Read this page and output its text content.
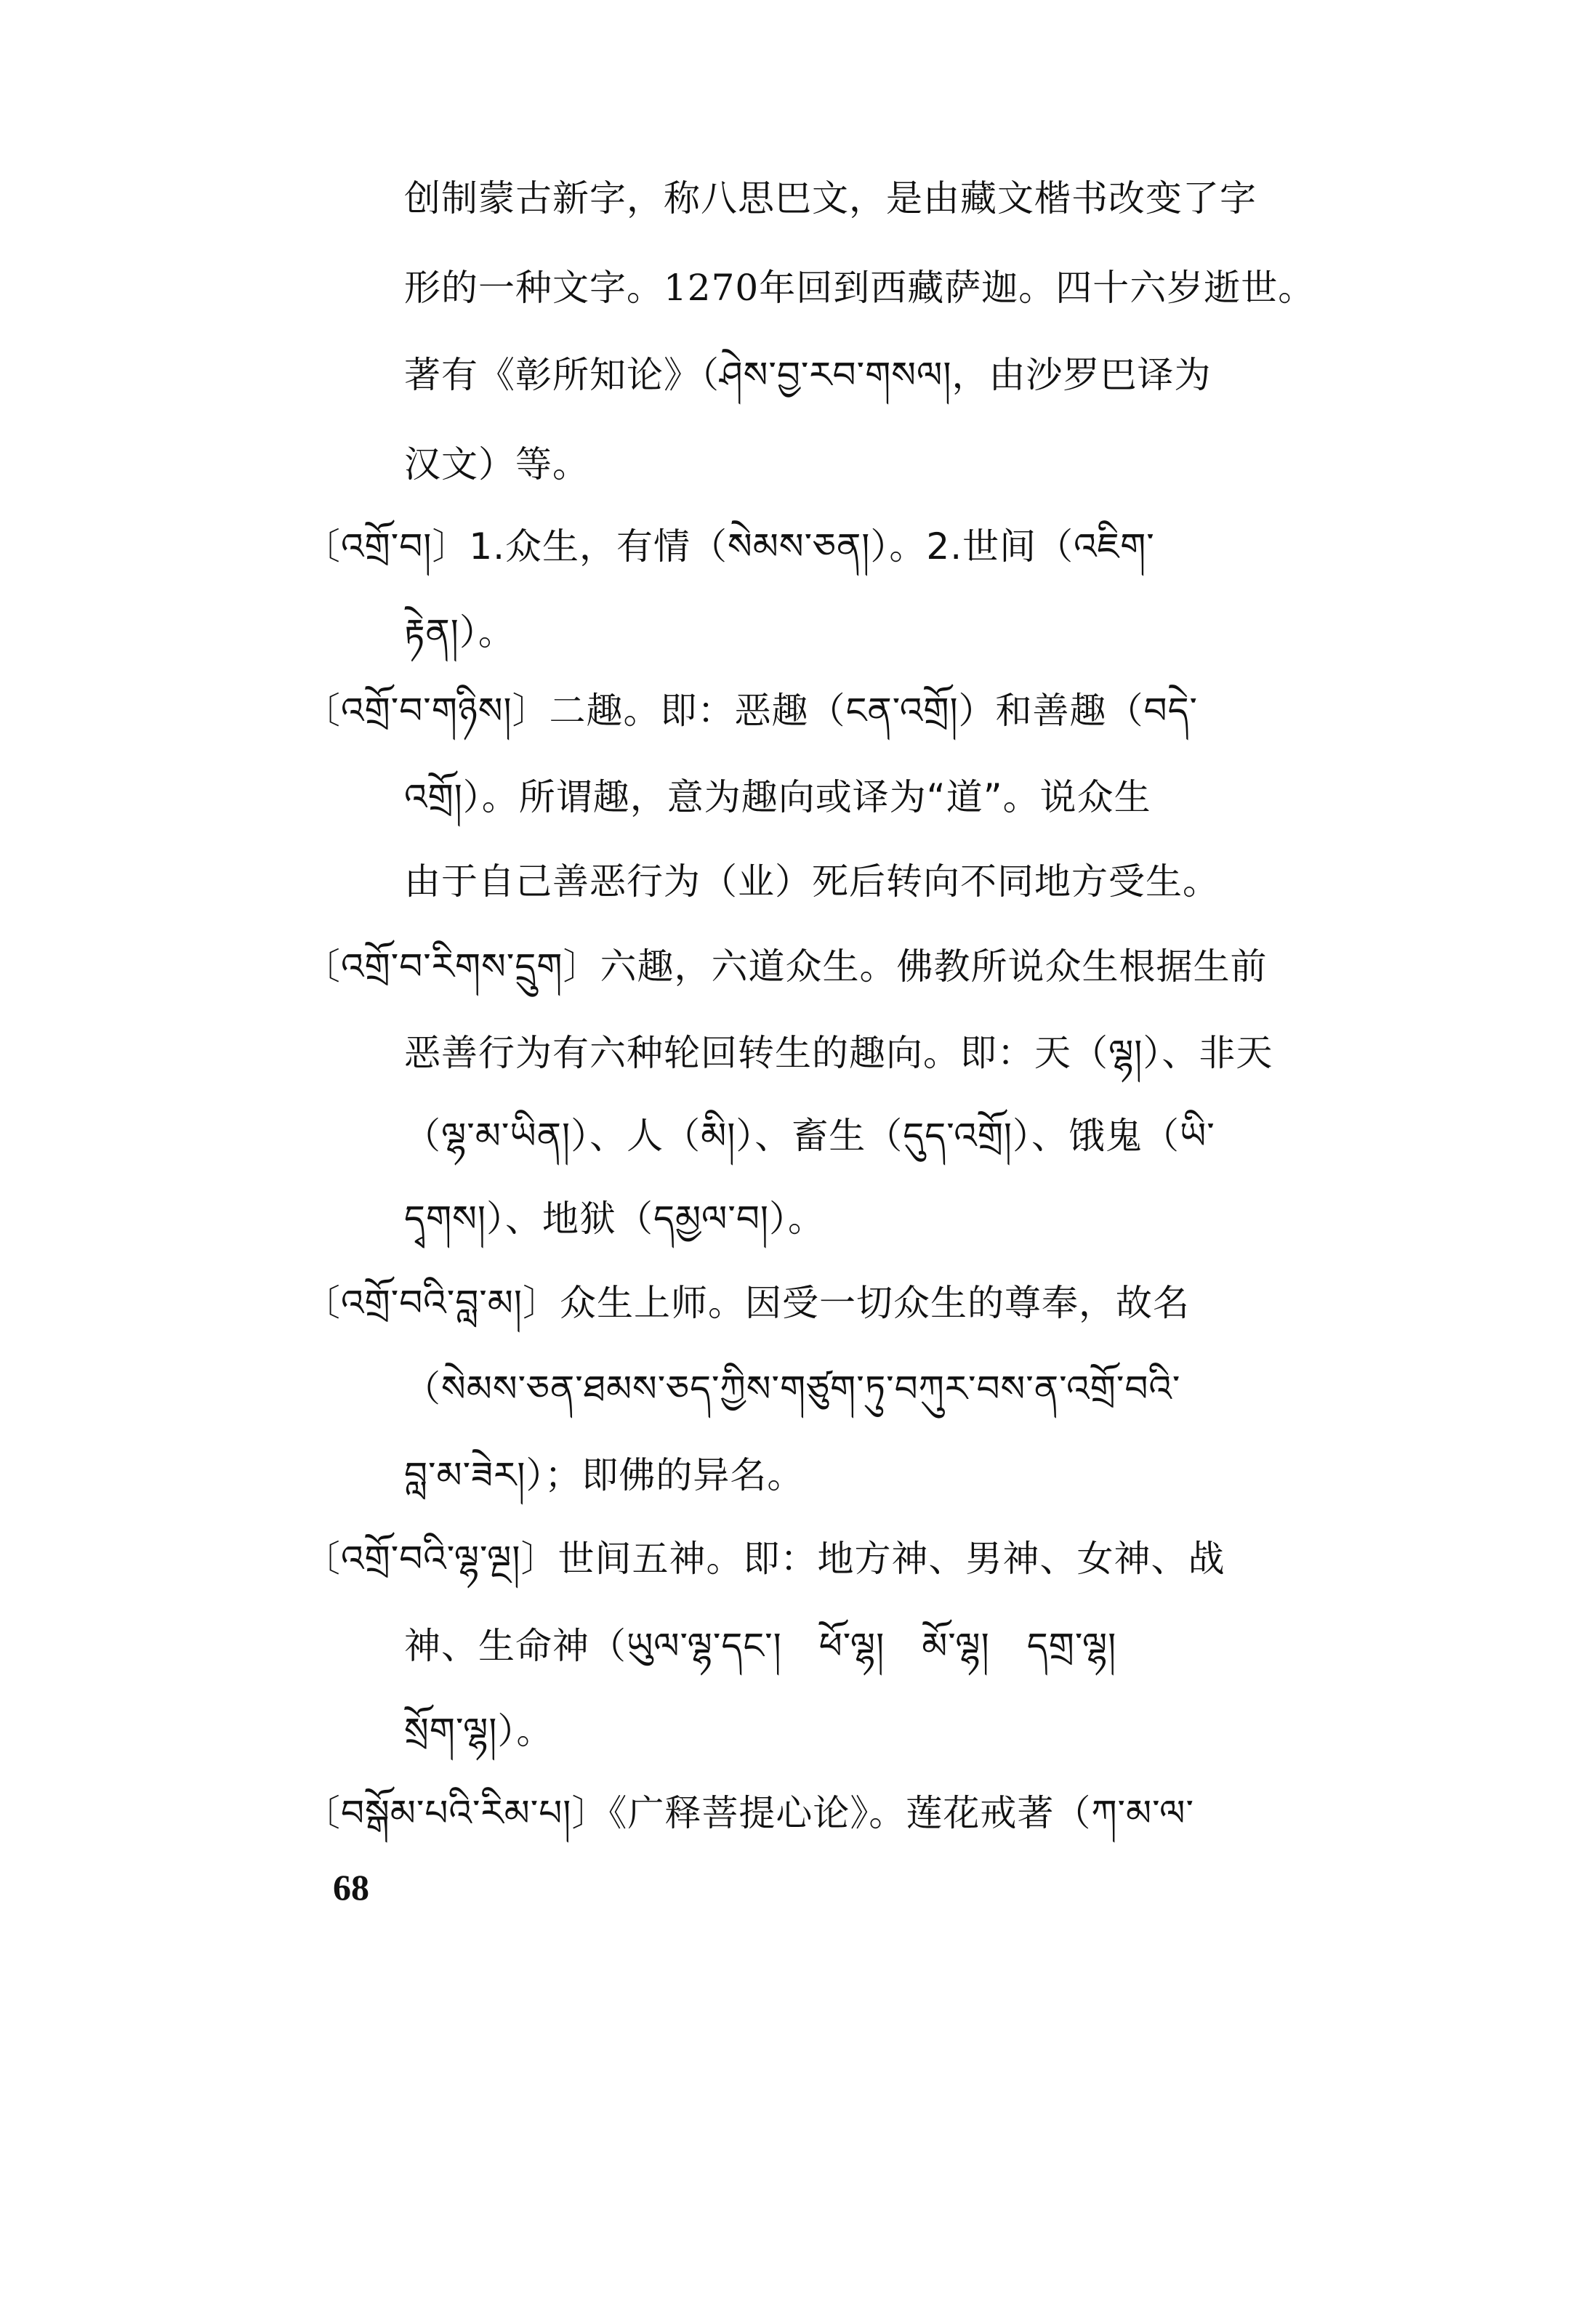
创制蒙古新字，称八思巴文，是由藏文楷书改变了字
形的一种文字。1270年回到西藏萨迦。四十六岁逝世。
著有《彰所知论》（ཤེས་བྱ་རབ་གསལ།，由沙罗巴译为
汉文）等。
〔འགྲོ་བ།〕1.众生，有情（སེམས་ཅན།）。2.世间（འཇིག་
རྟེན།）。
〔འགྲོ་བ་གཉིས།〕二趣。即：恶趣（ངན་འགྲོ།）和善趣（བདེ་
འགྲོ།）。所谓趣，意为趣向或译为“道”。说众生
由于自己善恶行为（业）死后转向不同地方受生。
〔འགྲོ་བ་རིགས་དྲུག〕六趣，六道众生。佛教所说众生根据生前
恶善行为有六种轮回转生的趣向。即：天（ལྷ།）、非天
（ལྷ་མ་ཡིན།）、人（མི།）、畜生（དུད་འགྲོ།）、饿鬼（ཡི་
དྭགས།）、地狱（དམྱལ་བ།）。
〔འགྲོ་བའི་བླ་མ།〕众生上师。因受一切众生的尊奉，故名
（སེམས་ཅན་ཐམས་ཅད་ཀྱིས་གཙུག་ཏུ་བཀུར་བས་ན་འགྲོ་བའི་
བླ་མ་ཟེར།）；即佛的异名。
〔འགྲོ་བའི་ལྷ་ལྔ།〕世间五神。即：地方神、男神、女神、战
神、生命神（ཡུལ་ལྷ་དང་།　ཕོ་ལྷ།　མོ་ལྷ།　དགྲ་ལྷ།
སྲོག་ལྷ།）。
〔བསྒོམ་པའི་རིམ་པ།〕《广释菩提心论》。莲花戒著（ཀ་མ་ལ་
68
